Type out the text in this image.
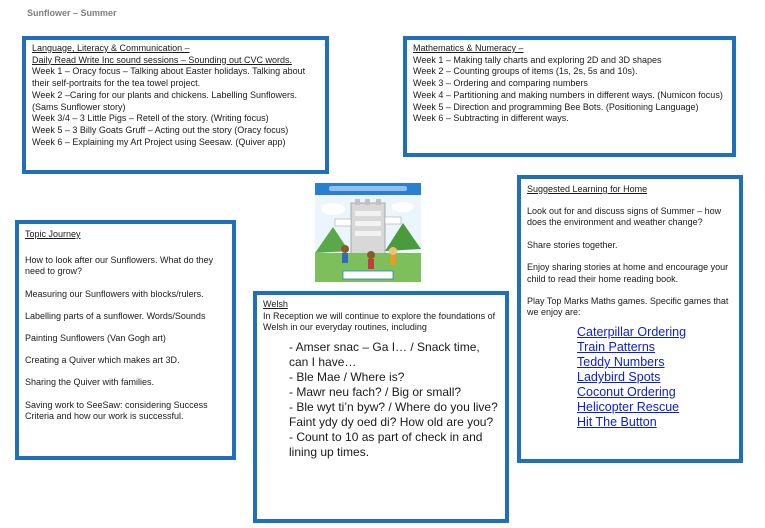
Sunflower – Summer

Language, Literacy & Communication –

Daily Read Write Inc sound sessions – Sounding out CVC words.

Week 1 – Oracy focus – Talking about Easter holidays. Talking about their self-portraits for the tea towel project.

Week 2 –Caring for our plants and chickens. Labelling Sunflowers. (Sams Sunflower story)

Week 3/4 – 3 Little Pigs – Retell of the story. (Writing focus)

Week 5 – 3 Billy Goats Gruff – Acting out the story (Oracy focus)

Week 6 – Explaining my Art Project using Seesaw. (Quiver app)

Mathematics & Numeracy –

Week 1 – Making tally charts and exploring 2D and 3D shapes

Week 2 – Counting groups of items (1s, 2s, 5s and 10s).

Week 3 – Ordering and comparing numbers

Week 4 – Partitioning and making numbers in different ways. (Numicon focus)

Week 5 – Direction and programming Bee Bots. (Positioning Language)

Week 6 – Subtracting in different ways.

Topic Journey

How to look after our Sunflowers. What do they need to grow?

Measuring our Sunflowers with blocks/rulers.

Labelling parts of a sunflower. Words/Sounds

Painting Sunflowers (Van Gogh art)

Creating a Quiver which makes art 3D.

Sharing the Quiver with families.

Saving work to SeeSaw: considering Success Criteria and how our work is successful.

Suggested Learning for Home

Look out for and discuss signs of Summer – how does the environment and weather change?

Share stories together.

Enjoy sharing stories at home and encourage your child to read their home reading book.

Play Top Marks Maths games. Specific games that we enjoy are:

Caterpillar Ordering
Train Patterns
Teddy Numbers
Ladybird Spots
Coconut Ordering
Helicopter Rescue
Hit The Button

Welsh

In Reception we will continue to explore the foundations of Welsh in our everyday routines, including

- Amser snac – Ga I… / Snack time, can I have…

- Ble Mae / Where is?

- Mawr neu fach? / Big or small?

- Ble wyt ti’n byw? / Where do you live?

Faint ydy dy oed di? How old are you?

- Count to 10 as part of check in and lining up times.
